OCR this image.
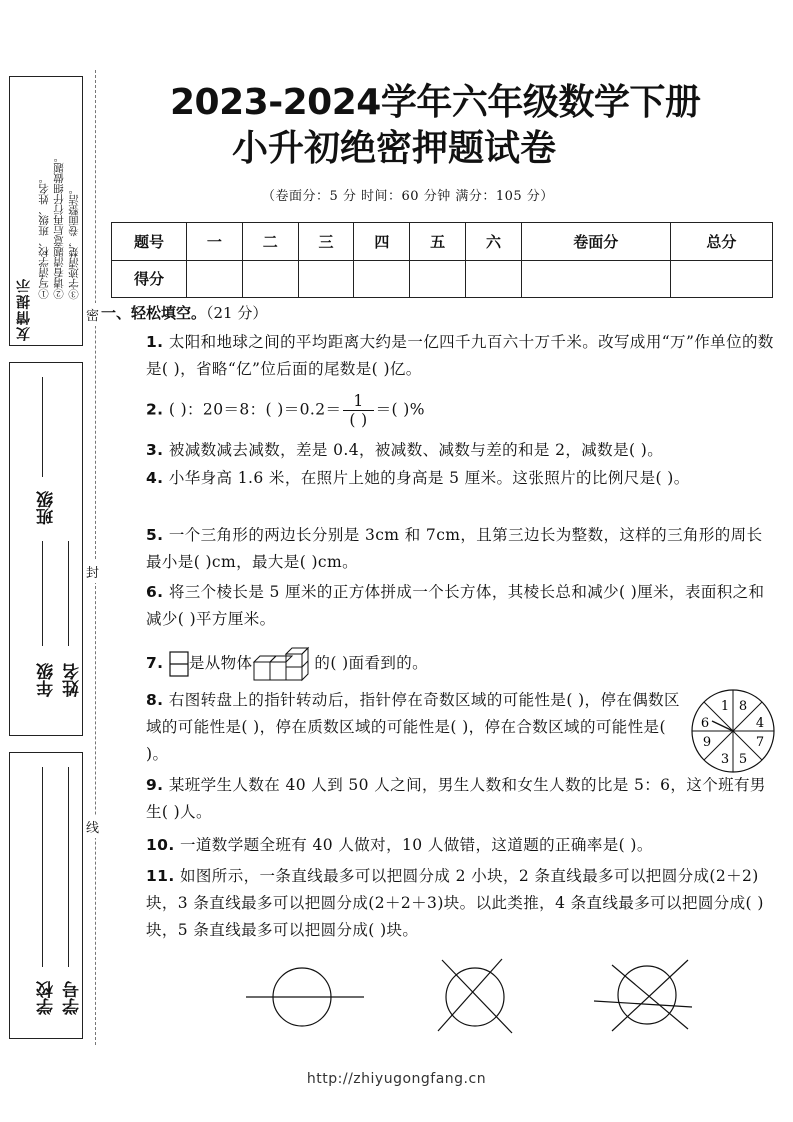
友情提示
①写清学校、班级、姓名。 ②请看清题意后再行仔细做题。 ③字迹清楚，卷面整洁。
班级
年级 姓名
学校 学号
密
封
线
2023-2024学年六年级数学下册
小升初绝密押题试卷
（卷面分：5 分 时间：60 分钟 满分：105 分）
题号	一	二	三	四	五	六	卷面分	总分
得分								
一、轻松填空。（21 分）
1. 太阳和地球之间的平均距离大约是一亿四千九百六十万千米。改写成用“万”作单位的数是( )，省略“亿”位后面的尾数是( )亿。
2. ( )：20＝8：( )$=0.2= \frac{1}{( )}$ ＝( )%
3. 被减数减去减数，差是 0.4，被减数、减数与差的和是 2，减数是( )。
4. 小华身高 1.6 米，在照片上她的身高是 5 厘米。这张照片的比例尺是( )。
5. 一个三角形的两边长分别是 3cm 和 7cm，且第三边长为整数，这样的三角形的周长最小是( )cm，最大是( )cm。
6. 将三个棱长是 5 厘米的正方体拼成一个长方体，其棱长总和减少( )厘米，表面积之和减少( )平方厘米。
7. 是从物体	的( )面看到的。
8. 右图转盘上的指针转动后，指针停在奇数区域的可能性是( )，停在偶数区域的可能性是( )，停在质数区域的可能性是( )，停在合数区域的可能性是( )。
1 8
4
7
5
3
9
6
9. 某班学生人数在 40 人到 50 人之间，男生人数和女生人数的比是 5：6，这个班有男生( )人。
10. 一道数学题全班有 40 人做对，10 人做错，这道题的正确率是( )。
11. 如图所示，一条直线最多可以把圆分成 2 小块，2 条直线最多可以把圆分成(2＋2)块，3 条直线最多可以把圆分成(2＋2＋3)块。以此类推，4 条直线最多可以把圆分成( )块，5 条直线最多可以把圆分成( )块。
http://zhiyugongfang.cn
